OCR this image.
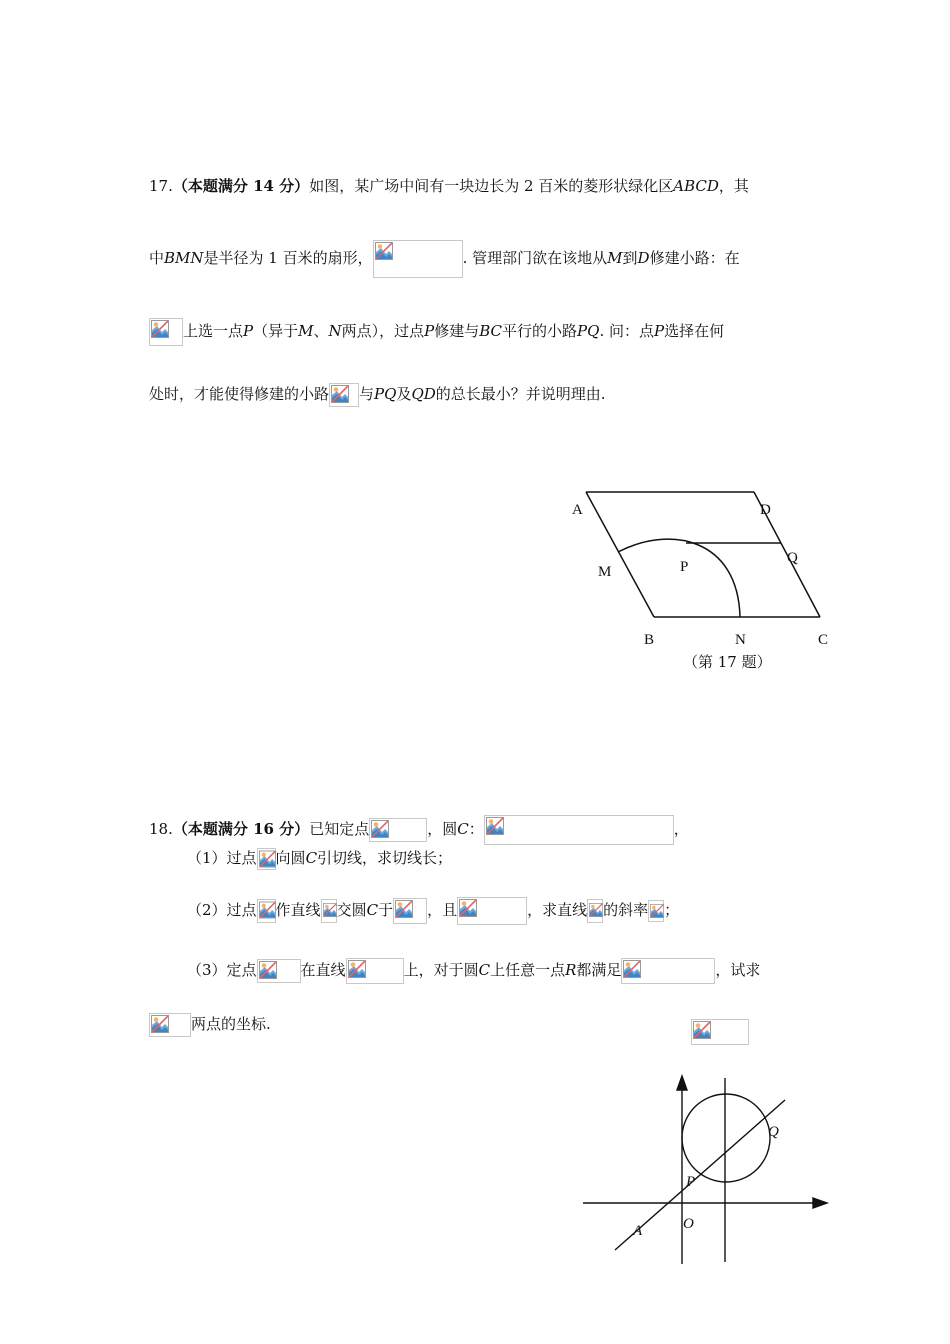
17.（本题满分 14 分）如图，某广场中间有一块边长为 2 百米的菱形状绿化区ABCD，其
中BMN是半径为 1 百米的扇形，	. 管理部门欲在该地从M到D修建小路：在
上选一点P（异于M、N两点），过点P修建与BC平行的小路PQ. 问：点P选择在何
处时，才能使得修建的小路 与PQ及QD的总长最小？并说明理由.
A	D
Q
M	P
B	N	C
（第 17 题）
18.（本题满分 16 分）已知定点	，圆C：	，
（1）过点 向圆C引切线，求切线长；
（2）过点 作直线 交圆C于 ，且	，求直线 的斜率 ；
（3）定点	在直线	上，对于圆C上任意一点R都满足	，试求
两点的坐标.
Q
P
A	O
